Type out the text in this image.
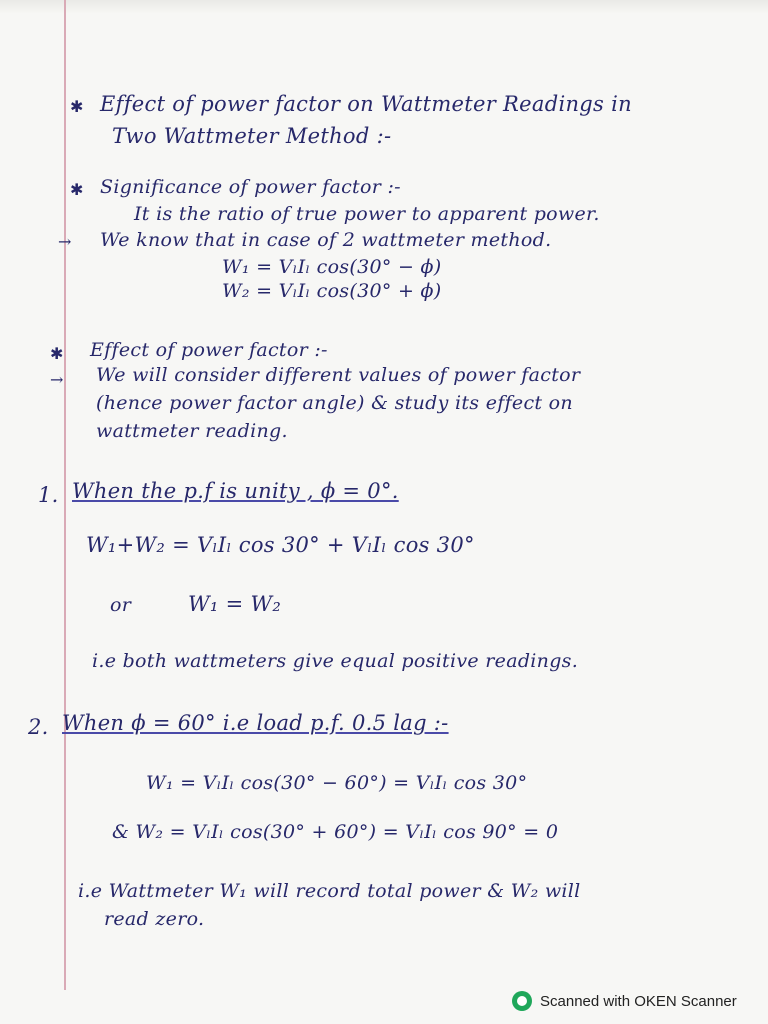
✱ Effect of power factor on Wattmeter Readings in
Two Wattmeter Method :-
✱ Significance of power factor :-
It is the ratio of true power to apparent power.
→ We know that in case of 2 wattmeter method.
W₁ = VₗIₗ cos(30° − ϕ)
W₂ = VₗIₗ cos(30° + ϕ)
✱ Effect of power factor :-
→ We will consider different values of power factor
(hence power factor angle) & study its effect on
wattmeter reading.
1. When the p.f is unity , ϕ = 0°.
W₁+W₂ = VₗIₗ cos 30° + VₗIₗ cos 30°
or	W₁ = W₂
i.e both wattmeters give equal positive readings.
2. When ϕ = 60° i.e load p.f. 0.5 lag :-
W₁ = VₗIₗ cos(30° − 60°) = VₗIₗ cos 30°
& W₂ = VₗIₗ cos(30° + 60°) = VₗIₗ cos 90° = 0
i.e Wattmeter W₁ will record total power & W₂ will
read zero.
Scanned with OKEN Scanner
